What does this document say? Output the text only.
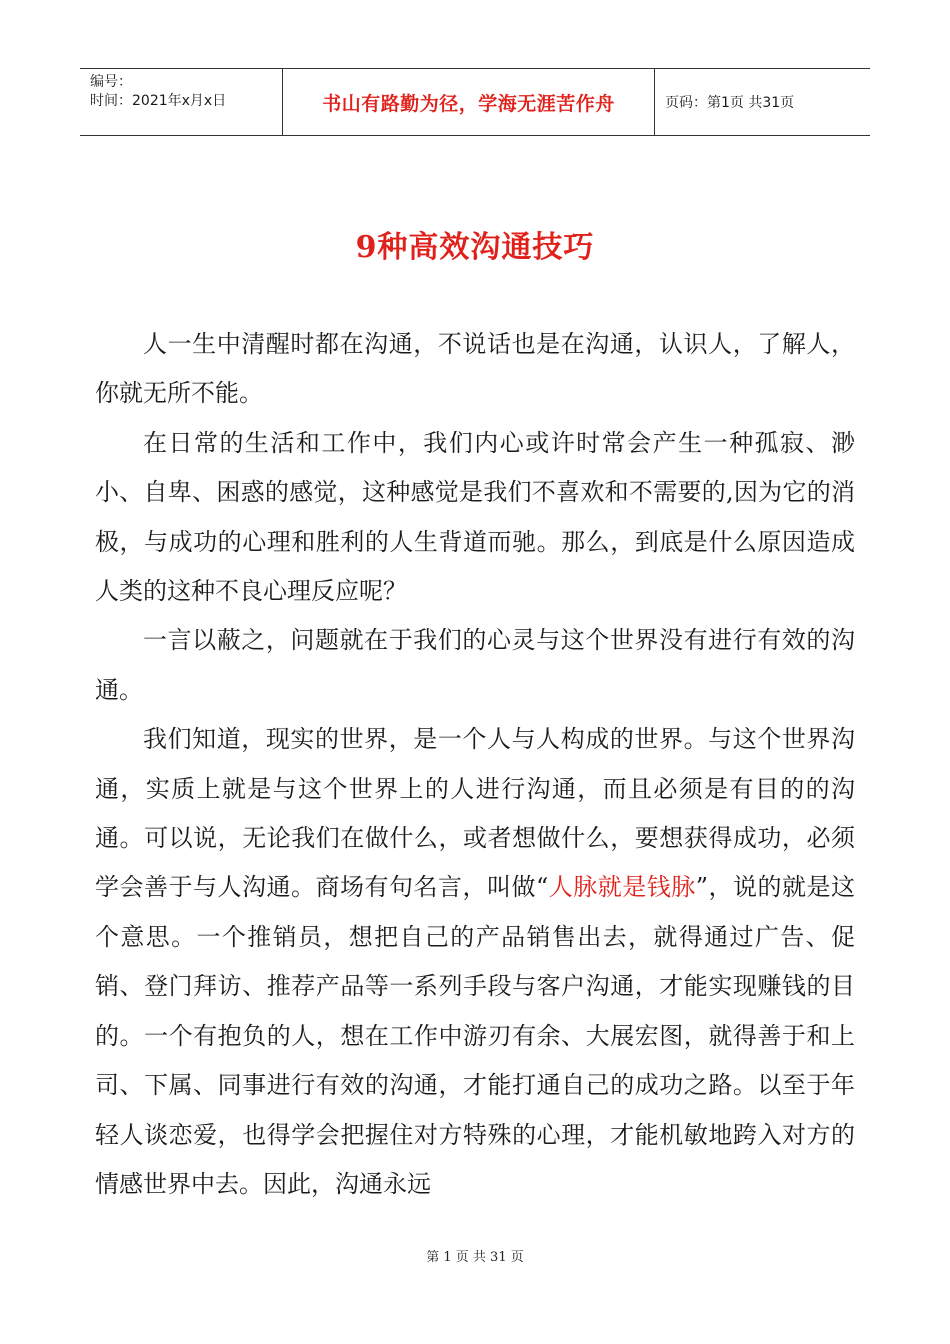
编号：
时间：2021年x月x日	书山有路勤为径，学海无涯苦作舟	页码：第1页 共31页
9种高效沟通技巧

人一生中清醒时都在沟通，不说话也是在沟通，认识人，了解人，你就无所不能。

在日常的生活和工作中，我们内心或许时常会产生一种孤寂、渺小、自卑、困惑的感觉，这种感觉是我们不喜欢和不需要的,因为它的消极，与成功的心理和胜利的人生背道而驰。那么，到底是什么原因造成人类的这种不良心理反应呢？

一言以蔽之，问题就在于我们的心灵与这个世界没有进行有效的沟通。

我们知道，现实的世界，是一个人与人构成的世界。与这个世界沟通，实质上就是与这个世界上的人进行沟通，而且必须是有目的的沟通。可以说，无论我们在做什么，或者想做什么，要想获得成功，必须学会善于与人沟通。商场有句名言，叫做“人脉就是钱脉”，说的就是这个意思。一个推销员，想把自己的产品销售出去，就得通过广告、促销、登门拜访、推荐产品等一系列手段与客户沟通，才能实现赚钱的目的。一个有抱负的人，想在工作中游刃有余、大展宏图，就得善于和上司、下属、同事进行有效的沟通，才能打通自己的成功之路。以至于年轻人谈恋爱，也得学会把握住对方特殊的心理，才能机敏地跨入对方的情感世界中去。因此，沟通永远

第 1 页 共 31 页
